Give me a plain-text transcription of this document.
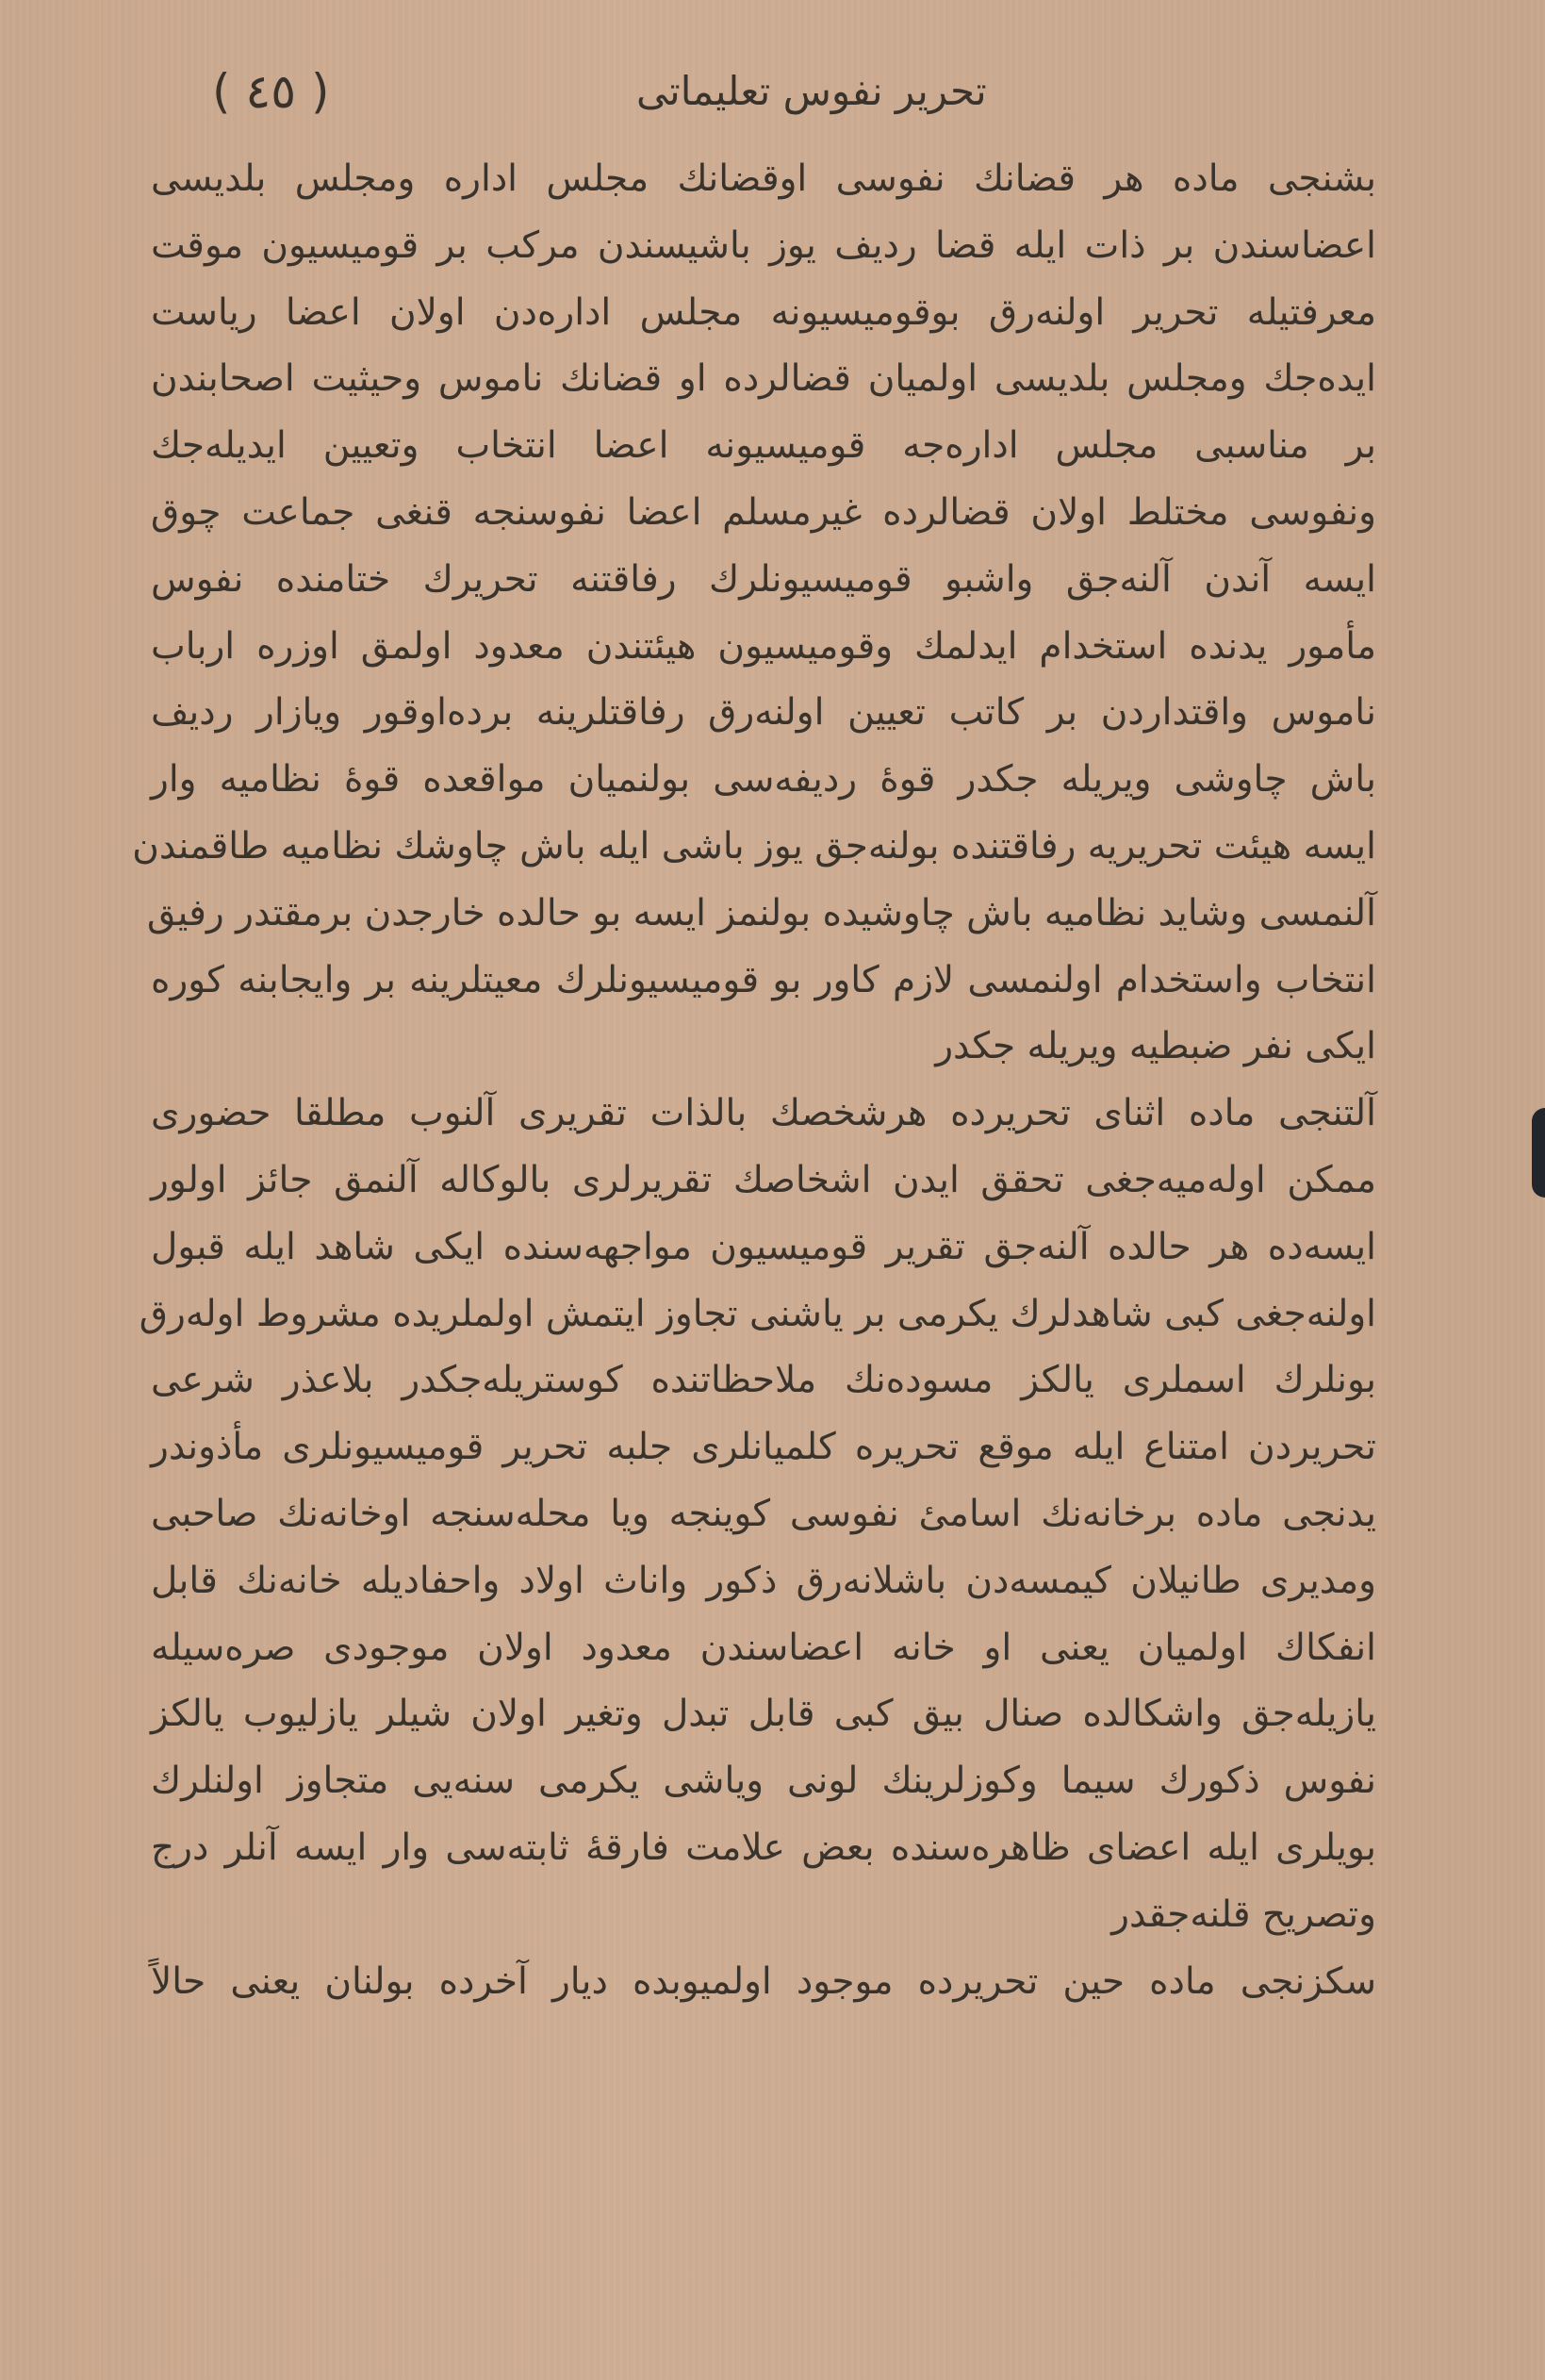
( ٤٥ )	تحریر نفوس تعلیماتی
بشنجی ماده هر قضانك نفوسی اوقضانك مجلس اداره ومجلس بلدیسی
اعضاسندن بر ذات ایله قضا ردیف یوز باشیسندن مرکب بر قومیسیون موقت
معرفتیله تحریر اولنه‌رق بوقومیسیونه مجلس اداره‌دن اولان اعضا ریاست
ایده‌جك ومجلس بلدیسی اولمیان قضالرده او قضانك ناموس وحیثیت اصحابندن
بر مناسبی مجلس اداره‌جه قومیسیونه اعضا انتخاب وتعیین ایدیله‌جك
ونفوسی مختلط اولان قضالرده غیرمسلم اعضا نفوسنجه قنغی جماعت چوق
ایسه آندن آلنه‌جق واشبو قومیسیونلرك رفاقتنه تحریرك ختامنده نفوس
مأمور یدنده استخدام ایدلمك وقومیسیون هیئتندن معدود اولمق اوزره ارباب
ناموس واقتداردن بر کاتب تعیین اولنه‌رق رفاقتلرینه برده‌اوقور ویازار ردیف
باش چاوشی ویریله جکدر قوهٔ ردیفه‌سی بولنمیان مواقعده قوهٔ نظامیه وار
ایسه هیئت تحریریه رفاقتنده بولنه‌جق یوز باشی ایله باش چاوشك نظامیه طاقمندن
آلنمسی وشاید نظامیه باش چاوشیده بولنمز ایسه بو حالده خارجدن برمقتدر رفیق
انتخاب واستخدام اولنمسی لازم کاور بو قومیسیونلرك معیتلرینه بر وایجابنه کوره
ایکی نفر ضبطیه ویریله جکدر
آلتنجی ماده اثنای تحریرده هرشخصك بالذات تقریری آلنوب مطلقا حضوری
ممکن اوله‌میه‌جغی تحقق ایدن اشخاصك تقریرلری بالوکاله آلنمق جائز اولور
ایسه‌ده هر حالده آلنه‌جق تقریر قومیسیون مواجهه‌سنده ایکی شاهد ایله قبول
اولنه‌جغی کبی شاهدلرك یکرمی بر یاشنی تجاوز ایتمش اولملریده مشروط اوله‌رق
بونلرك اسملری یالکز مسوده‌نك ملاحظاتنده کوستریله‌جکدر بلاعذر شرعی
تحریردن امتناع ایله موقع تحریره کلمیانلری جلبه تحریر قومیسیونلری مأذوندر
یدنجی ماده برخانه‌نك اسامیٔ نفوسی کوینجه ویا محله‌سنجه اوخانه‌نك صاحبی
ومدیری طانیلان کیمسه‌دن باشلانه‌رق ذکور واناث اولاد واحفادیله خانه‌نك قابل
انفکاك اولمیان یعنی او خانه اعضاسندن معدود اولان موجودی صره‌سیله
یازیله‌جق واشکالده صنال بیق کبی قابل تبدل وتغیر اولان شیلر یازلیوب یالکز
نفوس ذکورك سیما وکوزلرینك لونی ویاشی یکرمی سنه‌یی متجاوز اولنلرك
بویلری ایله اعضای ظاهره‌سنده بعض علامت فارقهٔ ثابته‌سی وار ایسه آنلر درج
وتصریح قلنه‌جقدر
سکزنجی ماده حین تحریرده موجود اولمیوبده دیار آخرده بولنان یعنی حالاً
